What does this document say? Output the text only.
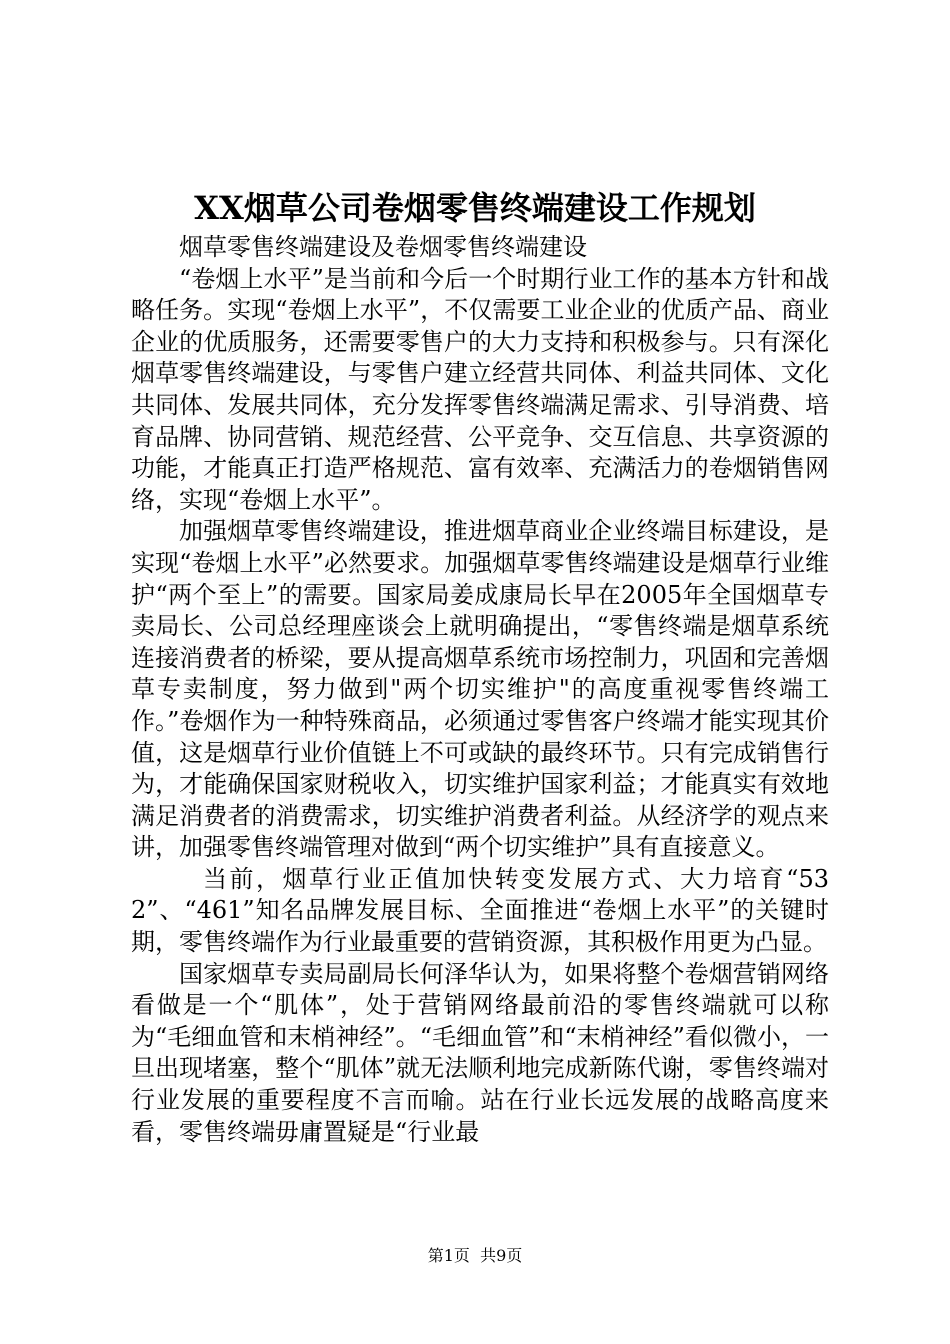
XX烟草公司卷烟零售终端建设工作规划

烟草零售终端建设及卷烟零售终端建设

“卷烟上水平”是当前和今后一个时期行业工作的基本方针和战略任务。实现“卷烟上水平”，不仅需要工业企业的优质产品、商业企业的优质服务，还需要零售户的大力支持和积极参与。只有深化烟草零售终端建设，与零售户建立经营共同体、利益共同体、文化共同体、发展共同体，充分发挥零售终端满足需求、引导消费、培育品牌、协同营销、规范经营、公平竞争、交互信息、共享资源的功能，才能真正打造严格规范、富有效率、充满活力的卷烟销售网络，实现“卷烟上水平”。

加强烟草零售终端建设，推进烟草商业企业终端目标建设，是实现“卷烟上水平”必然要求。加强烟草零售终端建设是烟草行业维护“两个至上”的需要。国家局姜成康局长早在2005年全国烟草专卖局长、公司总经理座谈会上就明确提出，“零售终端是烟草系统连接消费者的桥梁，要从提高烟草系统市场控制力，巩固和完善烟草专卖制度，努力做到"两个切实维护"的高度重视零售终端工作。”卷烟作为一种特殊商品，必须通过零售客户终端才能实现其价值，这是烟草行业价值链上不可或缺的最终环节。只有完成销售行为，才能确保国家财税收入，切实维护国家利益；才能真实有效地满足消费者的消费需求，切实维护消费者利益。从经济学的观点来讲，加强零售终端管理对做到“两个切实维护”具有直接意义。

当前，烟草行业正值加快转变发展方式、大力培育“532”、“461”知名品牌发展目标、全面推进“卷烟上水平”的关键时期，零售终端作为行业最重要的营销资源，其积极作用更为凸显。

国家烟草专卖局副局长何泽华认为，如果将整个卷烟营销网络看做是一个“肌体”，处于营销网络最前沿的零售终端就可以称为“毛细血管和末梢神经”。“毛细血管”和“末梢神经”看似微小，一旦出现堵塞，整个“肌体”就无法顺利地完成新陈代谢，零售终端对行业发展的重要程度不言而喻。站在行业长远发展的战略高度来看，零售终端毋庸置疑是“行业最

第1页  共9页
